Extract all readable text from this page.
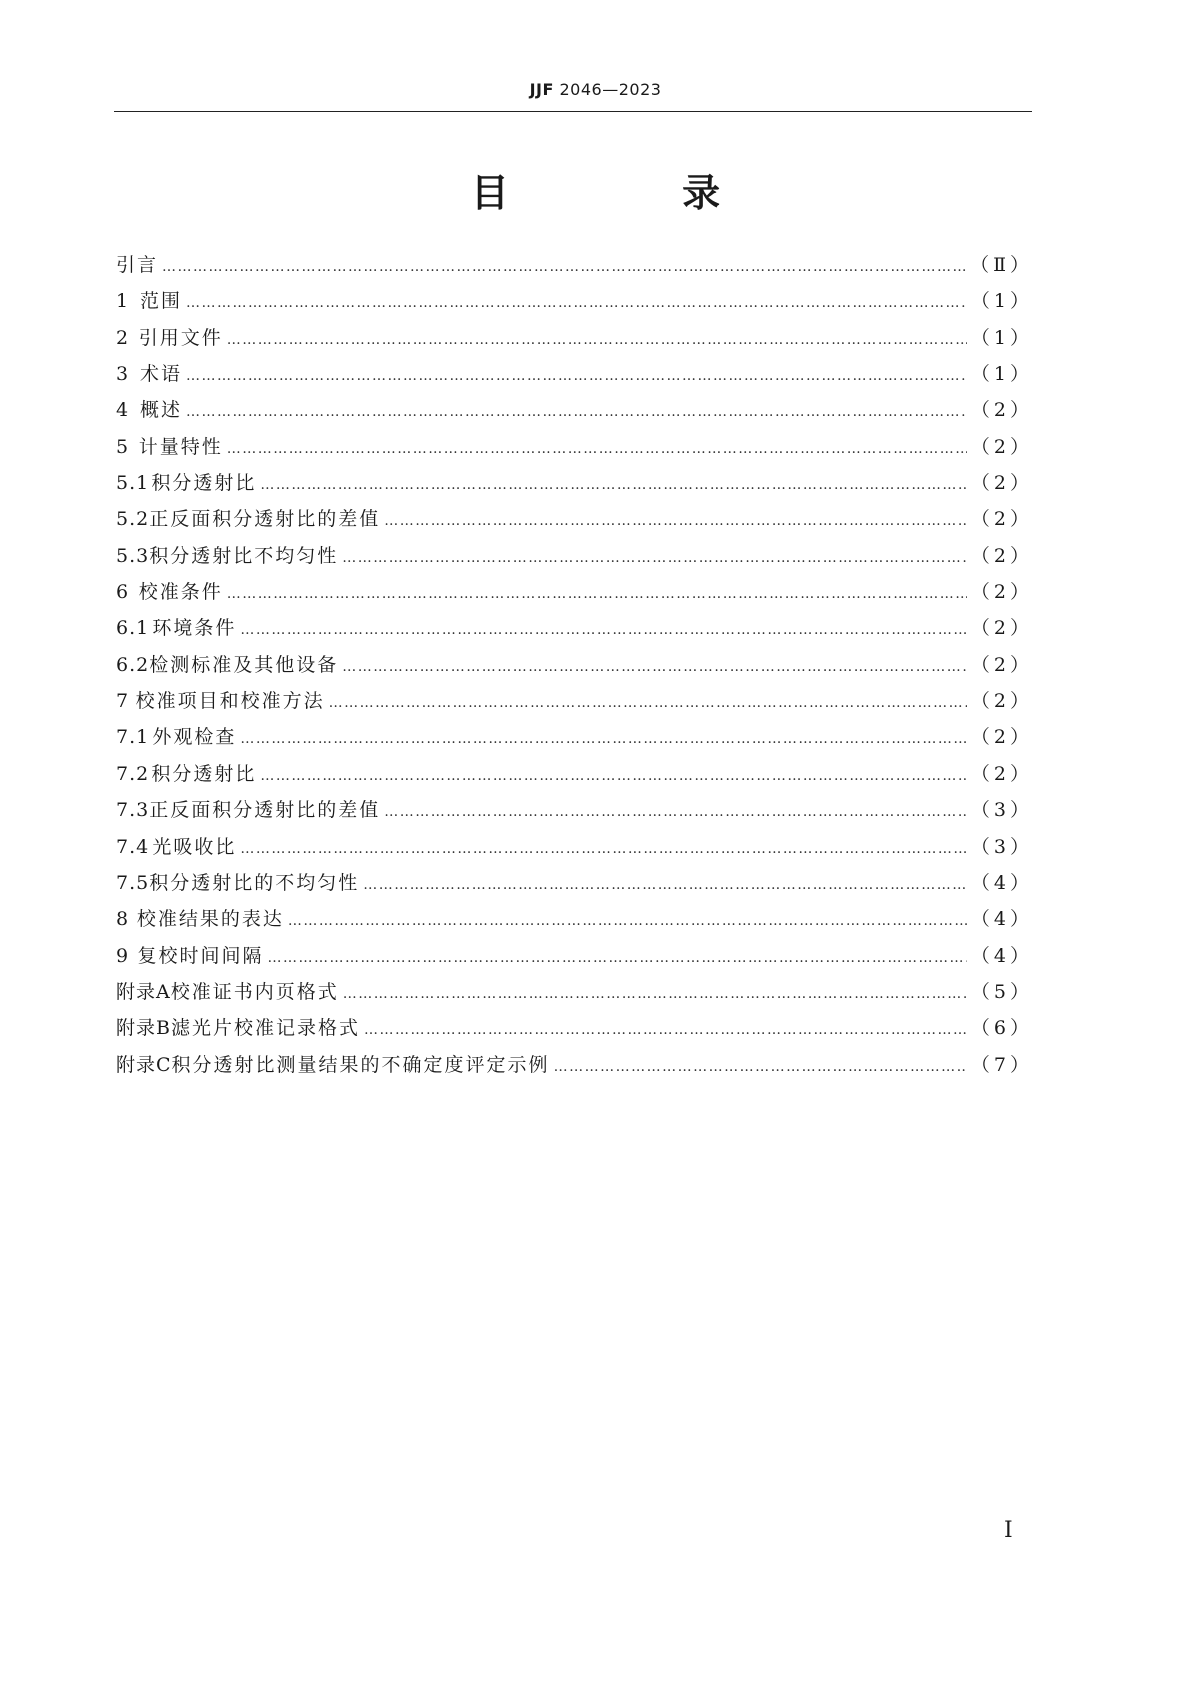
JJF 2046—2023
目 录
引言 ……………………………………………………………………………………………………………………………………………………………………………………………………………………	（Ⅱ）
1 范围 ……………………………………………………………………………………………………………………………………………………………………………………………………………………	（1）
2 引用文件 ……………………………………………………………………………………………………………………………………………………………………………………………………………………	（1）
3 术语 ……………………………………………………………………………………………………………………………………………………………………………………………………………………	（1）
4 概述 ……………………………………………………………………………………………………………………………………………………………………………………………………………………	（2）
5 计量特性 ……………………………………………………………………………………………………………………………………………………………………………………………………………………	（2）
5.1 积分透射比 ……………………………………………………………………………………………………………………………………………………………………………………………………………………	（2）
5.2 正反面积分透射比的差值 ……………………………………………………………………………………………………………………………………………………………………………………………………………………	（2）
5.3 积分透射比不均匀性 ……………………………………………………………………………………………………………………………………………………………………………………………………………………	（2）
6 校准条件 ……………………………………………………………………………………………………………………………………………………………………………………………………………………	（2）
6.1 环境条件 ……………………………………………………………………………………………………………………………………………………………………………………………………………………	（2）
6.2 检测标准及其他设备 ……………………………………………………………………………………………………………………………………………………………………………………………………………………	（2）
7 校准项目和校准方法 ……………………………………………………………………………………………………………………………………………………………………………………………………………………	（2）
7.1 外观检查 ……………………………………………………………………………………………………………………………………………………………………………………………………………………	（2）
7.2 积分透射比 ……………………………………………………………………………………………………………………………………………………………………………………………………………………	（2）
7.3 正反面积分透射比的差值 ……………………………………………………………………………………………………………………………………………………………………………………………………………………	（3）
7.4 光吸收比 ……………………………………………………………………………………………………………………………………………………………………………………………………………………	（3）
7.5 积分透射比的不均匀性 ……………………………………………………………………………………………………………………………………………………………………………………………………………………	（4）
8 校准结果的表达 ……………………………………………………………………………………………………………………………………………………………………………………………………………………	（4）
9 复校时间间隔 ……………………………………………………………………………………………………………………………………………………………………………………………………………………	（4）
附录A 校准证书内页格式 ……………………………………………………………………………………………………………………………………………………………………………………………………………………	（5）
附录B 滤光片校准记录格式 ……………………………………………………………………………………………………………………………………………………………………………………………………………………	（6）
附录C 积分透射比测量结果的不确定度评定示例 ……………………………………………………………………………………………………………………………………………………………………………………………………………………	（7）
Ⅰ
